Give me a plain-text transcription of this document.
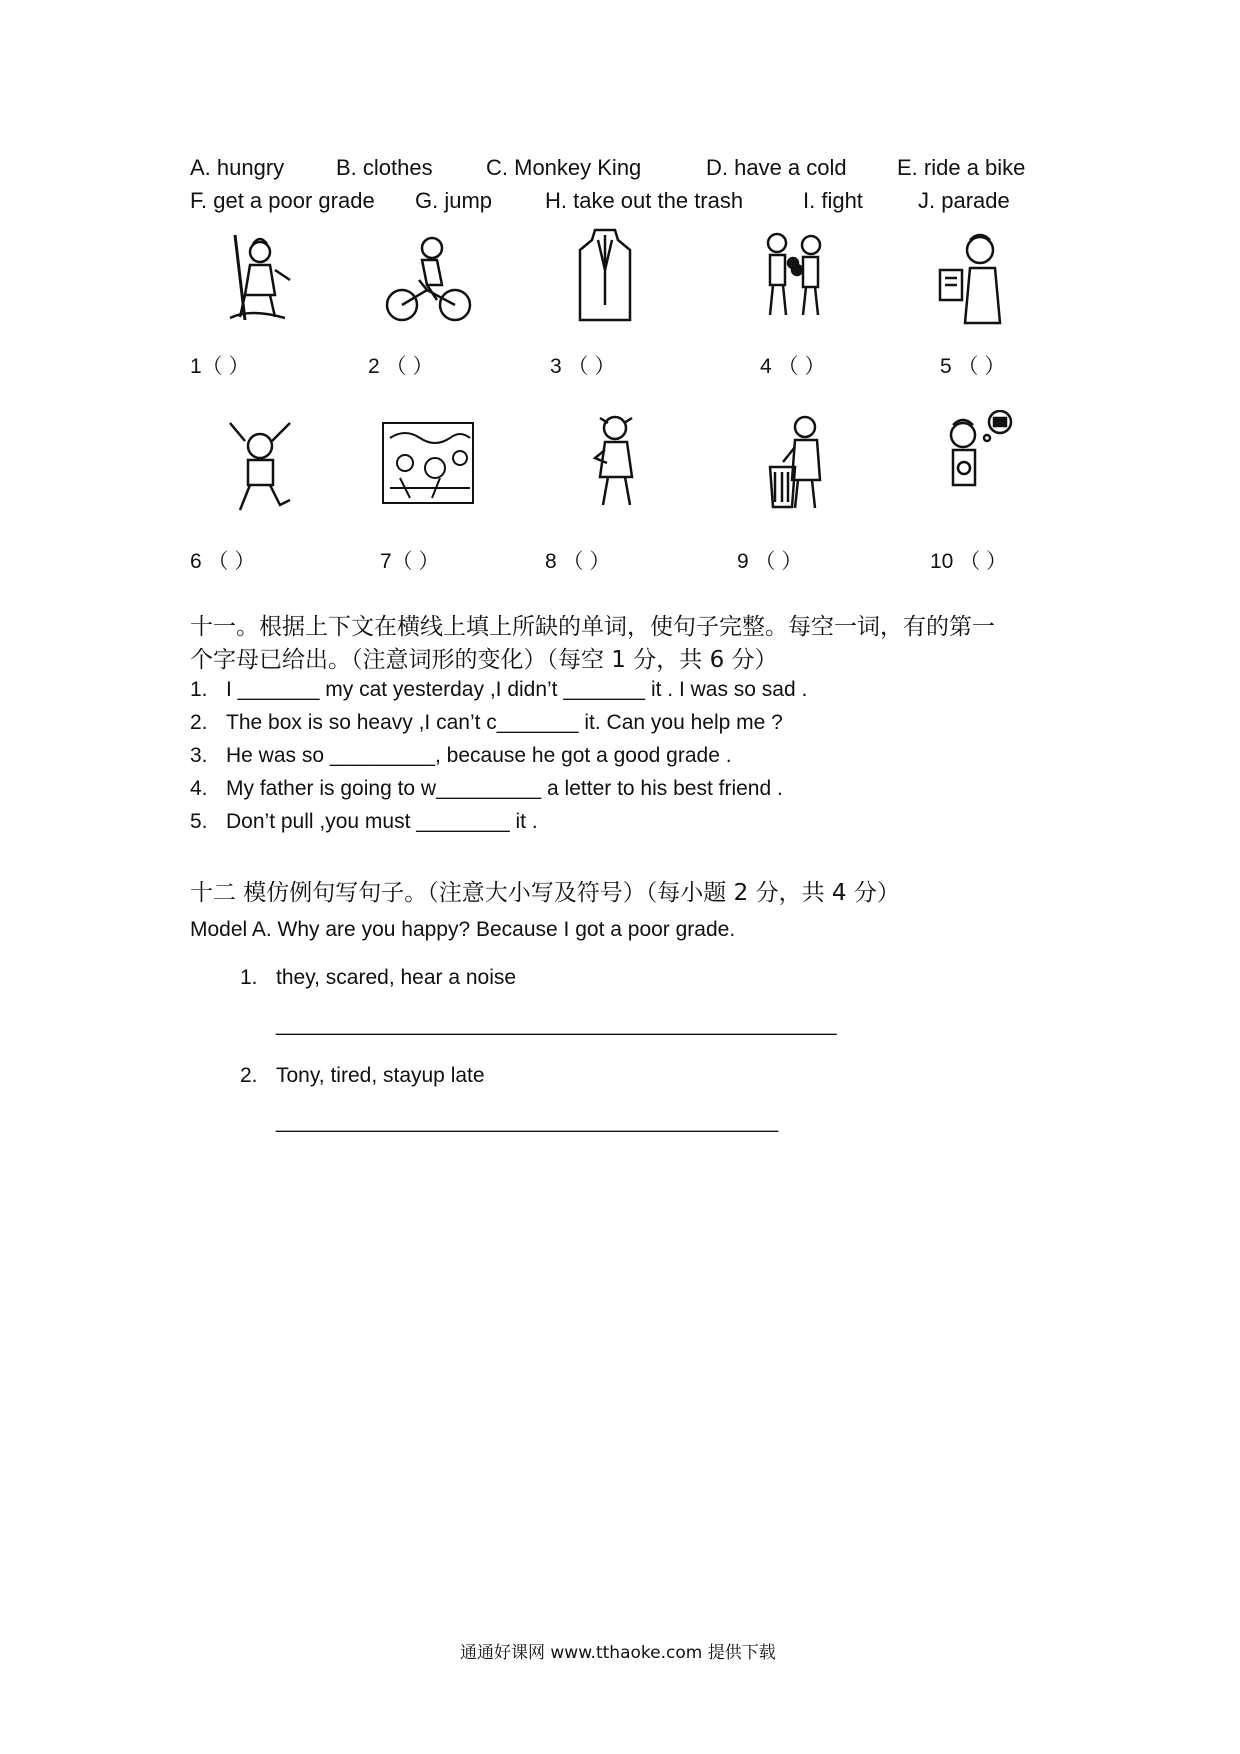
A. hungry B. clothes C. Monkey King	D. have a cold E. ride a bike
F. get a poor grade G. jump H. take out the trash	I. fight	J. parade
1（ ）	2 （ ）	3 （ ）	4 （ ）	5 （ ）
6 （ ）	7（ ）	8 （ ）	9 （ ）	10 （ ）
十一。根据上下文在横线上填上所缺的单词，使句子完整。每空一词，有的第一
个字母已给出。（注意词形的变化）（每空 1 分，共 6 分）
1. I _______ my cat yesterday ,I didn’t _______ it . I was so sad .
2. The box is so heavy ,I can’t c_______ it. Can you help me ?
3. He was so _________, because he got a good grade .
4. My father is going to w_________ a letter to his best friend .
5. Don’t pull ,you must ________ it .
十二 模仿例句写句子。（注意大小写及符号）（每小题 2 分，共 4 分）
Model A. Why are you happy? Because I got a poor grade.
1. they, scared, hear a noise
________________________________________________
2. Tony, tired, stayup late
___________________________________________
通通好课网 www.tthaoke.com 提供下载
